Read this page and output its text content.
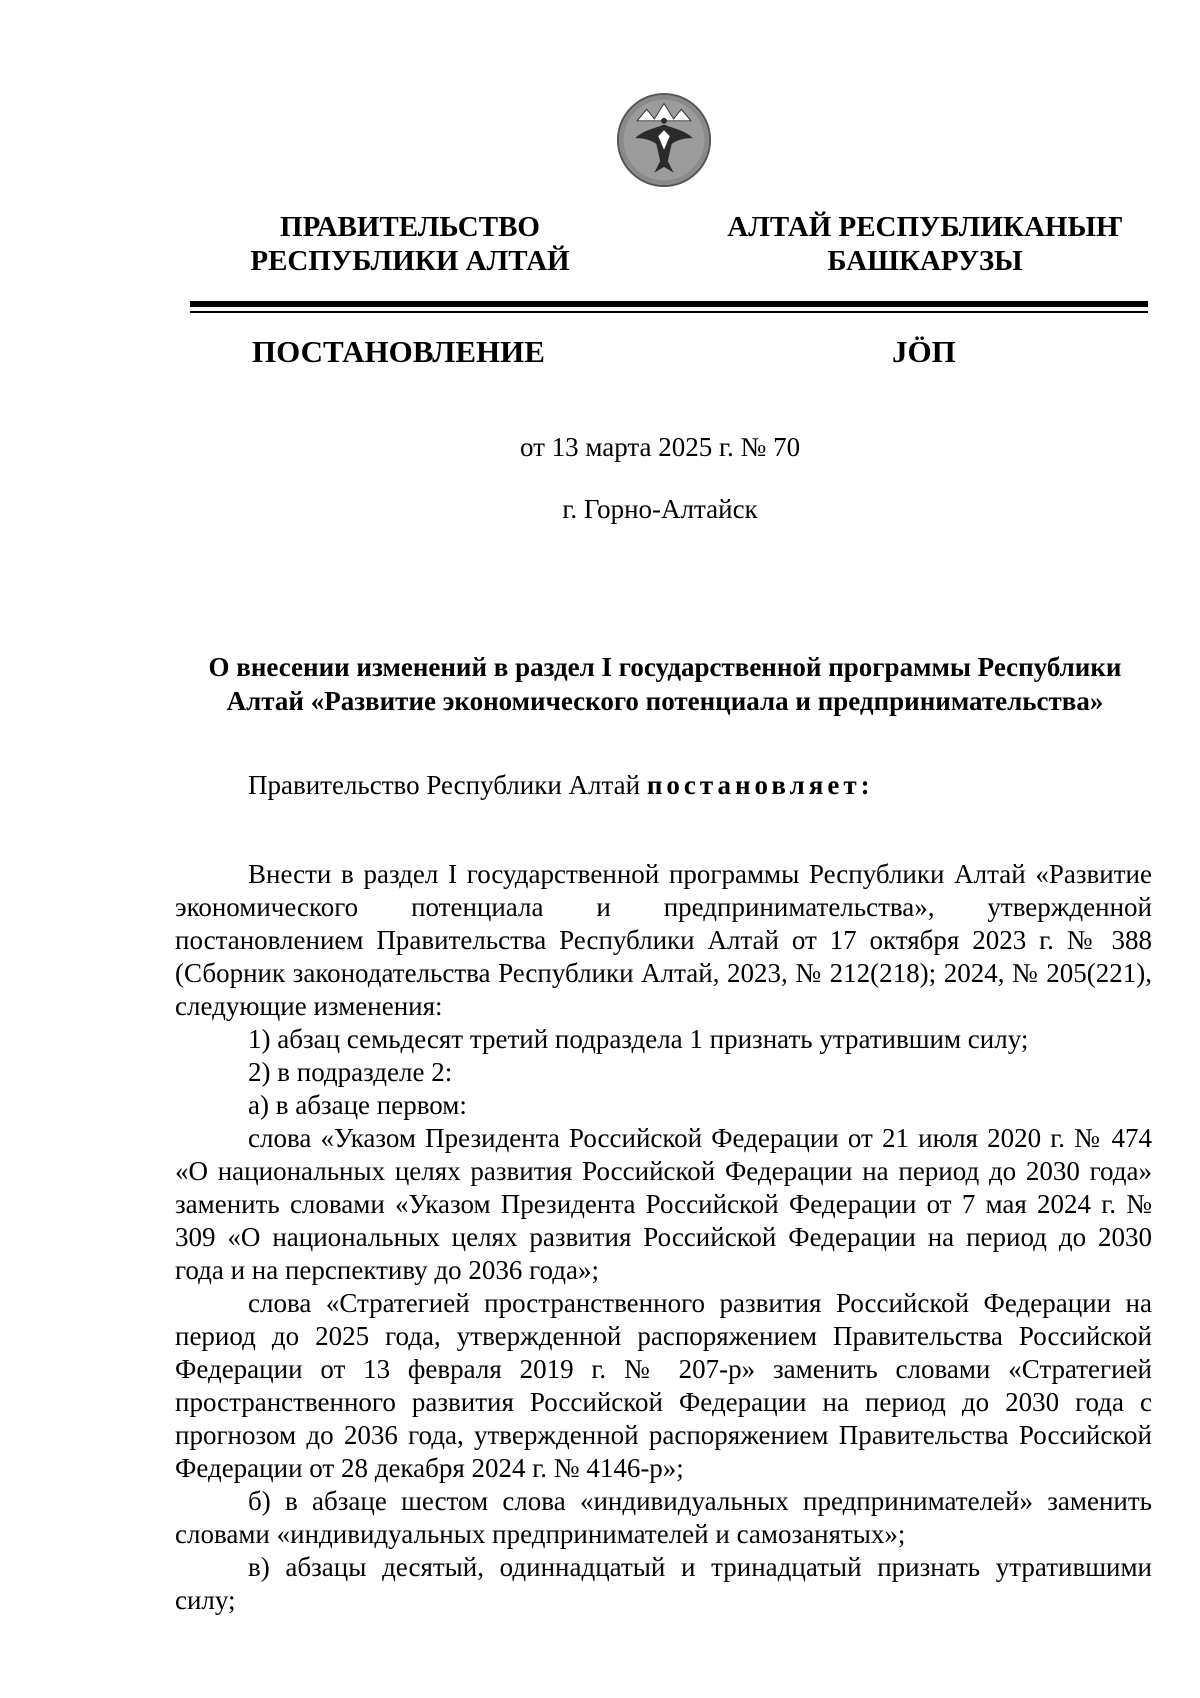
ПРАВИТЕЛЬСТВО
РЕСПУБЛИКИ АЛТАЙ
АЛТАЙ РЕСПУБЛИКАНЫҤ
БАШКАРУЗЫ
ПОСТАНОВЛЕНИЕ	JӦП
от 13 марта 2025 г. № 70
г. Горно-Алтайск
О внесении изменений в раздел I государственной программы Республики Алтай «Развитие экономического потенциала и предпринимательства»
Правительство Республики Алтай постановляет:

Внести в раздел I государственной программы Республики Алтай «Развитие экономического потенциала и предпринимательства», утвержденной постановлением Правительства Республики Алтай от 17 октября 2023 г. № 388 (Сборник законодательства Республики Алтай, 2023, № 212(218); 2024, № 205(221), следующие изменения:

1) абзац семьдесят третий подраздела 1 признать утратившим силу;

2) в подразделе 2:

а) в абзаце первом:

слова «Указом Президента Российской Федерации от 21 июля 2020 г. № 474 «О национальных целях развития Российской Федерации на период до 2030 года» заменить словами «Указом Президента Российской Федерации от 7 мая 2024 г. № 309 «О национальных целях развития Российской Федерации на период до 2030 года и на перспективу до 2036 года»;

слова «Стратегией пространственного развития Российской Федерации на период до 2025 года, утвержденной распоряжением Правительства Российской Федерации от 13 февраля 2019 г. № 207-р» заменить словами «Стратегией пространственного развития Российской Федерации на период до 2030 года с прогнозом до 2036 года, утвержденной распоряжением Правительства Российской Федерации от 28 декабря 2024 г. № 4146-р»;

б) в абзаце шестом слова «индивидуальных предпринимателей» заменить словами «индивидуальных предпринимателей и самозанятых»;

в) абзацы десятый, одиннадцатый и тринадцатый признать утратившими силу;
